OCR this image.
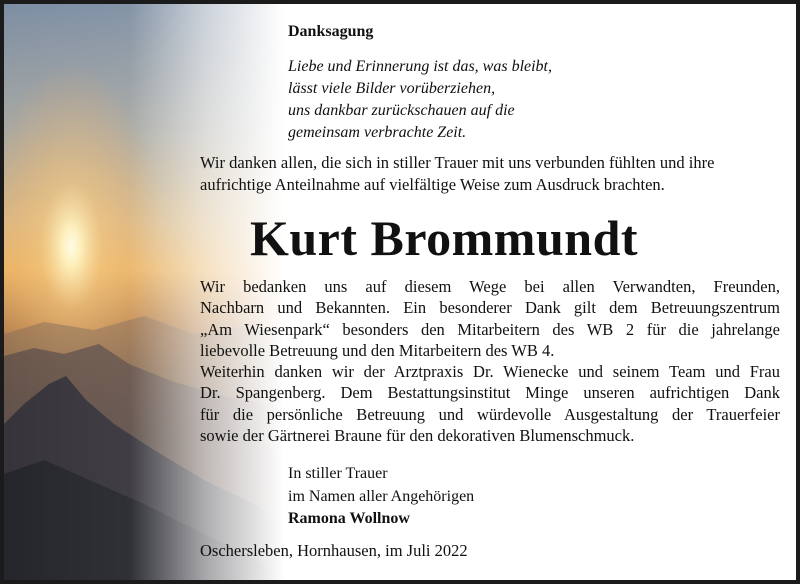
Danksagung

Liebe und Erinnerung ist das, was bleibt,
lässt viele Bilder vorüberziehen,
uns dankbar zurückschauen auf die
gemeinsam verbrachte Zeit.
Wir danken allen, die sich in stiller Trauer mit uns verbunden fühlten und ihre
aufrichtige Anteilnahme auf vielfältige Weise zum Ausdruck brachten.

Kurt Brommundt

Wir bedanken uns auf diesem Wege bei allen Verwandten, Freunden,
Nachbarn und Bekannten. Ein besonderer Dank gilt dem Betreuungszentrum
„Am Wiesenpark“ besonders den Mitarbeitern des WB 2 für die jahrelange
liebevolle Betreuung und den Mitarbeitern des WB 4.
Weiterhin danken wir der Arztpraxis Dr. Wienecke und seinem Team und Frau
Dr. Spangenberg. Dem Bestattungsinstitut Minge unseren aufrichtigen Dank
für die persönliche Betreuung und würdevolle Ausgestaltung der Trauerfeier
sowie der Gärtnerei Braune für den dekorativen Blumenschmuck.
In stiller Trauer
im Namen aller Angehörigen
Ramona Wollnow

Oschersleben, Hornhausen, im Juli 2022
